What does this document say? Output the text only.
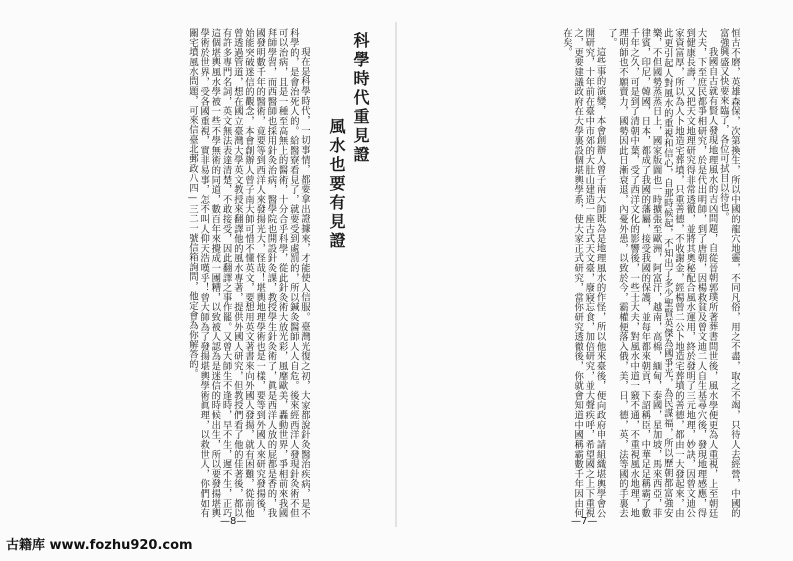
科學時代重見證
風水也要有見證

現在是科學時代，一切事情，都要拿出證據來，才能使人信服。臺灣光復之初，大家都說針灸醫治疾病，是不科學的，是會治死人的。給醫寮看見了，就要受到處罰的，所以鍼灸醫師人人自危。後來經西洋人發現針灸術不但可以治病，且是一種至高無上的醫術，十分合乎科學，從此針灸術大放光彩，風靡歐美，轟動世界，爭相前來我國拜師學習，而西醫師也採用針灸治病，醫學院也開設針灸課，教授學生針灸術了，眞是西洋人放的屁都是香的，我國發明數千年的醫術，竟要等到西洋人來發揚光大，怪哉！堪輿地理學術也是一樣，要等到外國人來研究發揚後，始能突破迷信的觀念，本會創辦人曾子南大師可惜不懂英文，要想用英文著書來向外國人發揚，就有困難，從前他曾透過管道，想在國立臺灣大學英文教授來翻譯他的風水專著，提供外國人研究，但教授們看了他的佳著後，都以有許多專門名詞，英文無法表達清楚，不敢接受，因此翻譯之事作罷。又曾大師生不逢時，早不生，遲不生，正巧這個堪輿風水學被一些不學無術的同道，數百年來攪成一團糟，以致被人認為是迷信的時候出生，所以要發揚堪輿學術於世界，受各國重視，實非易事，怎不叫人仰天浩嘆乎！曾大師為了發揚堪輿學術眞理，以救世人，你們如有關宅墳風水問題，可來信臺北郵政八四—三二一號信箱詢問，他定會為你解答的。	恒古不磨，英雄森保，次第換生，所以中國的龍穴地靈，不同凡俗，用之不盡，取之不竭，只待人去經營，中國的富強興盛又快要來臨了，各位可拭目以待也。

我國自古就有賢人發現地理風水的吉凶問題，自從晉朝郭璞所著葬書問世後，風水學便更為人重視，上至朝廷大夫，下至庶民都爭相研究，於是代出明師，到了唐朝，因楊救貧及曾文迪二人自生基尋穴後，發現地理感應，得到健康長壽，又把天文地理研究得非常透徹，並將其奧秘配合風水運用，終於發明了三元地理，妙訣，因曾文迪公家資富厚，所以為人卜地造宅葬墳，只重善德，不收謝金，經楊曾二公卜地造宅葬墳的善德，都由一大發起來，由此更引起人對風水的重視和信心，自那時候起，不知出了多少聖賢英傑為國爭光，為民謀福，所以歷朝都富強安樂，不但國勢蒸蒸日上，國家版圖也一時擴張至歐洲，阿富汗，越南，高棉，緬甸，泰國，星加坡，馬來西亞，菲律賓，印尼，韓國，日本，都成了我國的藩屬，接受我國的保護，並每年都來朝貢，下詔稱臣，中華足足稱霸了數千年之久，可是到了清朝中葉，受了西洋文化的影響後，一些士大夫，對風水中道一竅不通，不重視風水地理，地理明師也不願賣力，國勢因此日漸衰退，內憂外患，以致於今，霸權便落入俄，美，日，德，英，法等國的手裏去了。

這些事的演變，本會創辦人曾子南大師既為是地理風水的作怪，所以他來臺後，便向政府申請組織堪輿學會公開研究，十年前在臺中市郊的大肚山建造一座古式天文臺，廢寢忘食，加倍研究，並大聲疾呼，希望國之上下重視之，更要建議政府在大學裏設個堪輿學系，使大家正式研究，當你研究透徹後，你就會知道中國稱霸數千年因由何在矣。

—8—	—7—
古籍库 www.fozhu920.com
